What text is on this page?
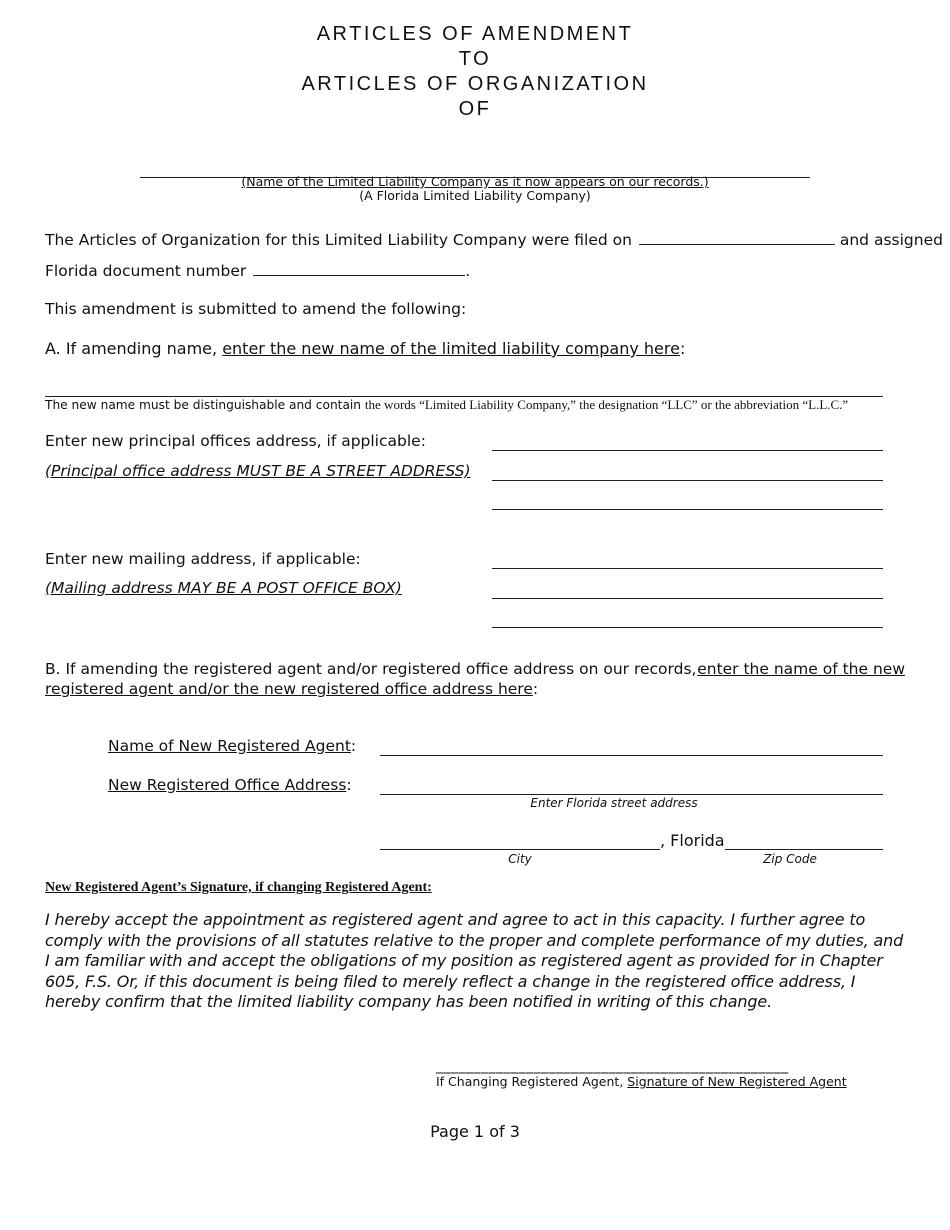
ARTICLES OF AMENDMENT
TO
ARTICLES OF ORGANIZATION
OF
(Name of the Limited Liability Company as it now appears on our records.)
(A Florida Limited Liability Company)
The Articles of Organization for this Limited Liability Company were filed on	and assigned
Florida document number	.
This amendment is submitted to amend the following:
A. If amending name, enter the new name of the limited liability company here:
The new name must be distinguishable and contain the words “Limited Liability Company,” the designation “LLC” or the abbreviation “L.L.C.”
Enter new principal offices address, if applicable:
(Principal office address MUST BE A STREET ADDRESS)
Enter new mailing address, if applicable:
(Mailing address MAY BE A POST OFFICE BOX)
B. If amending the registered agent and/or registered office address on our records, enter the name of the new
registered agent and/or the new registered office address here:
Name of New Registered Agent:
New Registered Office Address:
Enter Florida street address
, Florida
City	Zip Code
New Registered Agent’s Signature, if changing Registered Agent:
I hereby accept the appointment as registered agent and agree to act in this capacity. I further agree to comply with the provisions of all statutes relative to the proper and complete performance of my duties, and I am familiar with and accept the obligations of my position as registered agent as provided for in Chapter 605, F.S. Or, if this document is being filed to merely reflect a change in the registered office address, I hereby confirm that the limited liability company has been notified in writing of this change.
_______________________________________________
If Changing Registered Agent, Signature of New Registered Agent
Page 1 of 3
